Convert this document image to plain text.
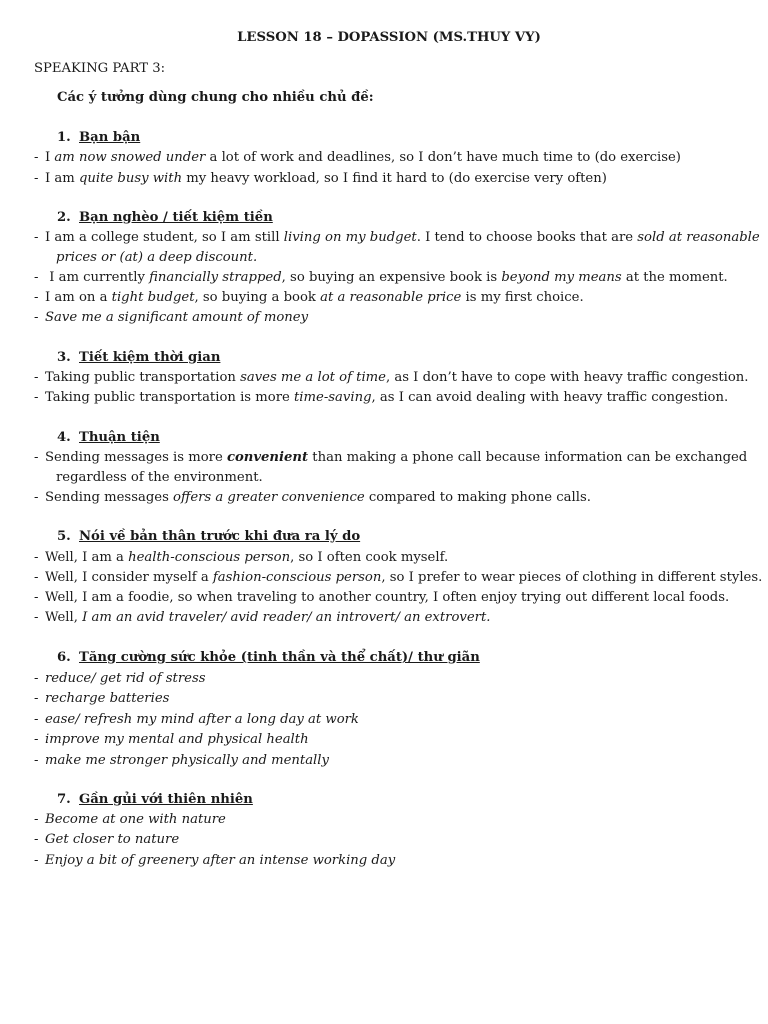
LESSON 18 – DOPASSION (MS.THUY VY)
SPEAKING PART 3:
Các ý tưởng dùng chung cho nhiều chủ đề:
1. Bạn bận
- I am now snowed under a lot of work and deadlines, so I don’t have much time to (do exercise)
- I am quite busy with my heavy workload, so I find it hard to (do exercise very often)
2. Bạn nghèo / tiết kiệm tiền
- I am a college student, so I am still living on my budget. I tend to choose books that are sold at reasonable
prices or (at) a deep discount.
- I am currently financially strapped, so buying an expensive book is beyond my means at the moment.
- I am on a tight budget, so buying a book at a reasonable price is my first choice.
- Save me a significant amount of money
3. Tiết kiệm thời gian
- Taking public transportation saves me a lot of time, as I don’t have to cope with heavy traffic congestion.
- Taking public transportation is more time-saving, as I can avoid dealing with heavy traffic congestion.
4. Thuận tiện
- Sending messages is more convenient than making a phone call because information can be exchanged
regardless of the environment.
- Sending messages offers a greater convenience compared to making phone calls.
5. Nói về bản thân trước khi đưa ra lý do
- Well, I am a health-conscious person, so I often cook myself.
- Well, I consider myself a fashion-conscious person, so I prefer to wear pieces of clothing in different styles.
- Well, I am a foodie, so when traveling to another country, I often enjoy trying out different local foods.
- Well, I am an avid traveler/ avid reader/ an introvert/ an extrovert.
6. Tăng cường sức khỏe (tinh thần và thể chất)/ thư giãn
- reduce/ get rid of stress
- recharge batteries
- ease/ refresh my mind after a long day at work
- improve my mental and physical health
- make me stronger physically and mentally
7. Gần gủi với thiên nhiên
- Become at one with nature
- Get closer to nature
- Enjoy a bit of greenery after an intense working day
